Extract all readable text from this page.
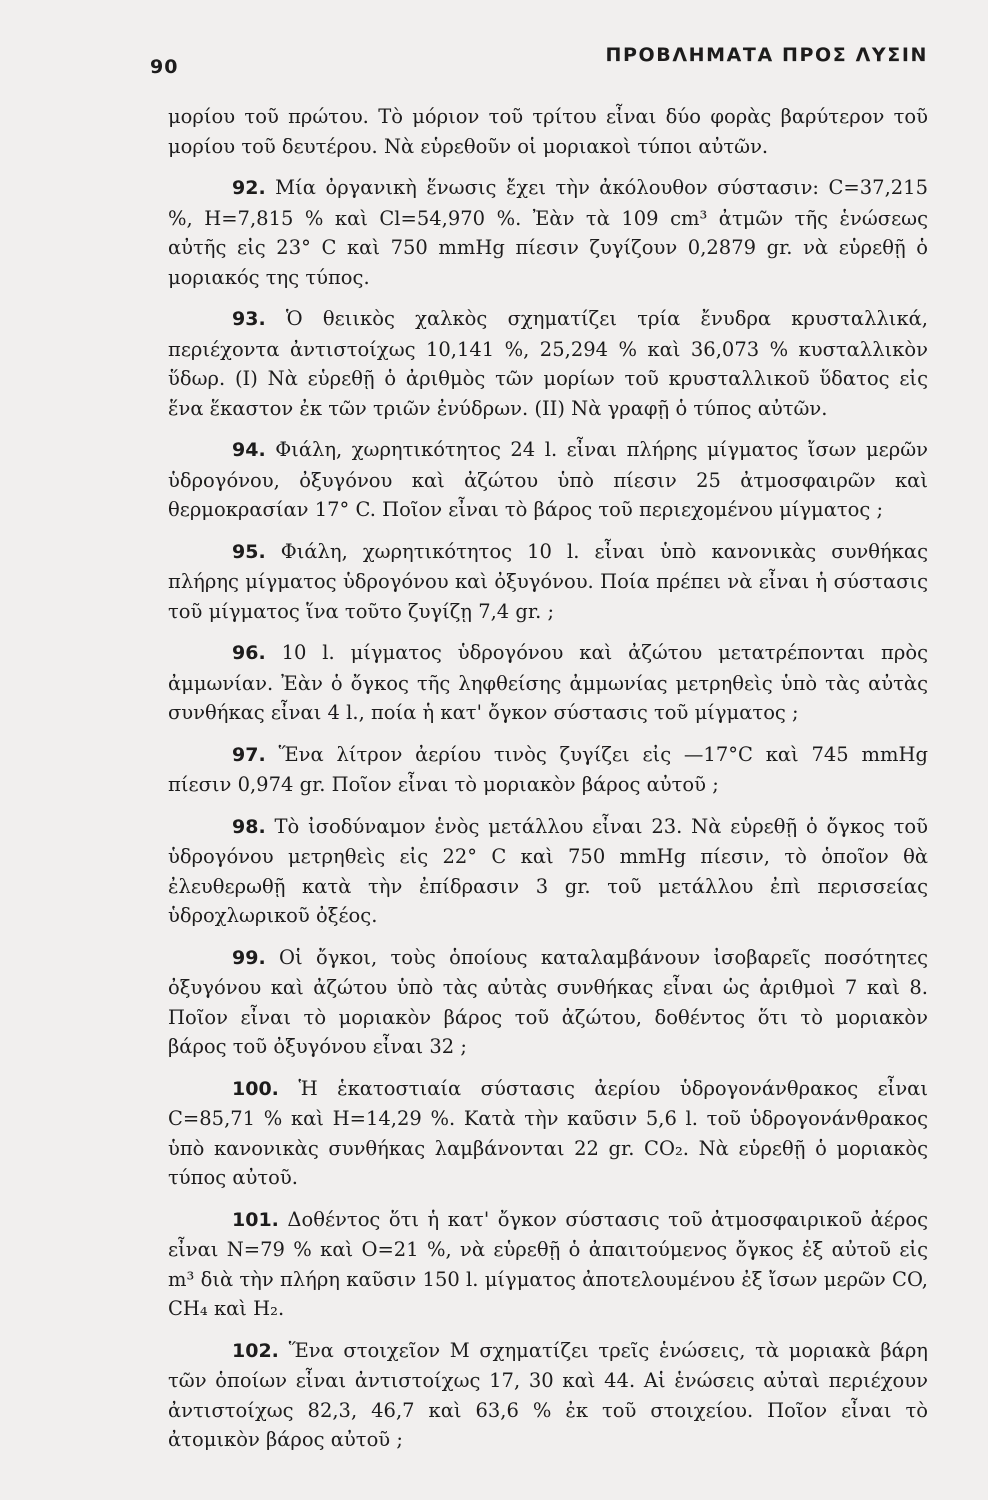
90
ΠΡΟΒΛΗΜΑΤΑ ΠΡΟΣ ΛΥΣΙΝ

μορίου τοῦ πρώτου. Τὸ μόριον τοῦ τρίτου εἶναι δύο φορὰς βαρύτερον τοῦ μορίου τοῦ δευτέρου. Νὰ εὑρεθοῦν οἱ μοριακοὶ τύποι αὐτῶν.

92. Μία ὀργανικὴ ἕνωσις ἔχει τὴν ἀκόλουθον σύστασιν: C=37,215 %, H=7,815 % καὶ Cl=54,970 %. Ἐὰν τὰ 109 cm³ ἀτμῶν τῆς ἑνώσεως αὐτῆς εἰς 23° C καὶ 750 mmHg πίεσιν ζυγίζουν 0,2879 gr. νὰ εὑρεθῇ ὁ μοριακός της τύπος.

93. Ὁ θειικὸς χαλκὸς σχηματίζει τρία ἔνυδρα κρυσταλλικά, περιέχοντα ἀντιστοίχως 10,141 %, 25,294 % καὶ 36,073 % κυσταλλικὸν ὕδωρ. (Ι) Νὰ εὑρεθῇ ὁ ἀριθμὸς τῶν μορίων τοῦ κρυσταλλικοῦ ὕδατος εἰς ἕνα ἕκαστον ἐκ τῶν τριῶν ἐνύδρων. (ΙΙ) Νὰ γραφῇ ὁ τύπος αὐτῶν.

94. Φιάλη, χωρητικότητος 24 l. εἶναι πλήρης μίγματος ἴσων μερῶν ὑδρογόνου, ὀξυγόνου καὶ ἀζώτου ὑπὸ πίεσιν 25 ἀτμοσφαιρῶν καὶ θερμοκρασίαν 17° C. Ποῖον εἶναι τὸ βάρος τοῦ περιεχομένου μίγματος ;

95. Φιάλη, χωρητικότητος 10 l. εἶναι ὑπὸ κανονικὰς συνθήκας πλήρης μίγματος ὑδρογόνου καὶ ὀξυγόνου. Ποία πρέπει νὰ εἶναι ἡ σύστασις τοῦ μίγματος ἵνα τοῦτο ζυγίζῃ 7,4 gr. ;

96. 10 l. μίγματος ὑδρογόνου καὶ ἀζώτου μετατρέπονται πρὸς ἀμμωνίαν. Ἐὰν ὁ ὄγκος τῆς ληφθείσης ἀμμωνίας μετρηθεὶς ὑπὸ τὰς αὐτὰς συνθήκας εἶναι 4 l., ποία ἡ κατ' ὄγκον σύστασις τοῦ μίγματος ;

97. Ἕνα λίτρον ἀερίου τινὸς ζυγίζει εἰς —17°C καὶ 745 mmHg πίεσιν 0,974 gr. Ποῖον εἶναι τὸ μοριακὸν βάρος αὐτοῦ ;

98. Τὸ ἰσοδύναμον ἑνὸς μετάλλου εἶναι 23. Νὰ εὑρεθῇ ὁ ὄγκος τοῦ ὑδρογόνου μετρηθεὶς εἰς 22° C καὶ 750 mmHg πίεσιν, τὸ ὁποῖον θὰ ἐλευθερωθῇ κατὰ τὴν ἐπίδρασιν 3 gr. τοῦ μετάλλου ἐπὶ περισσείας ὑδροχλωρικοῦ ὀξέος.

99. Οἱ ὄγκοι, τοὺς ὁποίους καταλαμβάνουν ἰσοβαρεῖς ποσότητες ὀξυγόνου καὶ ἀζώτου ὑπὸ τὰς αὐτὰς συνθήκας εἶναι ὡς ἀριθμοὶ 7 καὶ 8. Ποῖον εἶναι τὸ μοριακὸν βάρος τοῦ ἀζώτου, δοθέντος ὅτι τὸ μοριακὸν βάρος τοῦ ὀξυγόνου εἶναι 32 ;

100. Ἡ ἑκατοστιαία σύστασις ἀερίου ὑδρογονάνθρακος εἶναι C=85,71 % καὶ H=14,29 %. Κατὰ τὴν καῦσιν 5,6 l. τοῦ ὑδρογονάνθρακος ὑπὸ κανονικὰς συνθήκας λαμβάνονται 22 gr. CO₂. Νὰ εὑρεθῇ ὁ μοριακὸς τύπος αὐτοῦ.

101. Δοθέντος ὅτι ἡ κατ' ὄγκον σύστασις τοῦ ἀτμοσφαιρικοῦ ἀέρος εἶναι N=79 % καὶ O=21 %, νὰ εὑρεθῇ ὁ ἀπαιτούμενος ὄγκος ἐξ αὐτοῦ εἰς m³ διὰ τὴν πλήρη καῦσιν 150 l. μίγματος ἀποτελουμένου ἐξ ἴσων μερῶν CO, CH₄ καὶ H₂.

102. Ἕνα στοιχεῖον Μ σχηματίζει τρεῖς ἑνώσεις, τὰ μοριακὰ βάρη τῶν ὁποίων εἶναι ἀντιστοίχως 17, 30 καὶ 44. Αἱ ἑνώσεις αὐταὶ περιέχουν ἀντιστοίχως 82,3, 46,7 καὶ 63,6 % ἐκ τοῦ στοιχείου. Ποῖον εἶναι τὸ ἀτομικὸν βάρος αὐτοῦ ;
